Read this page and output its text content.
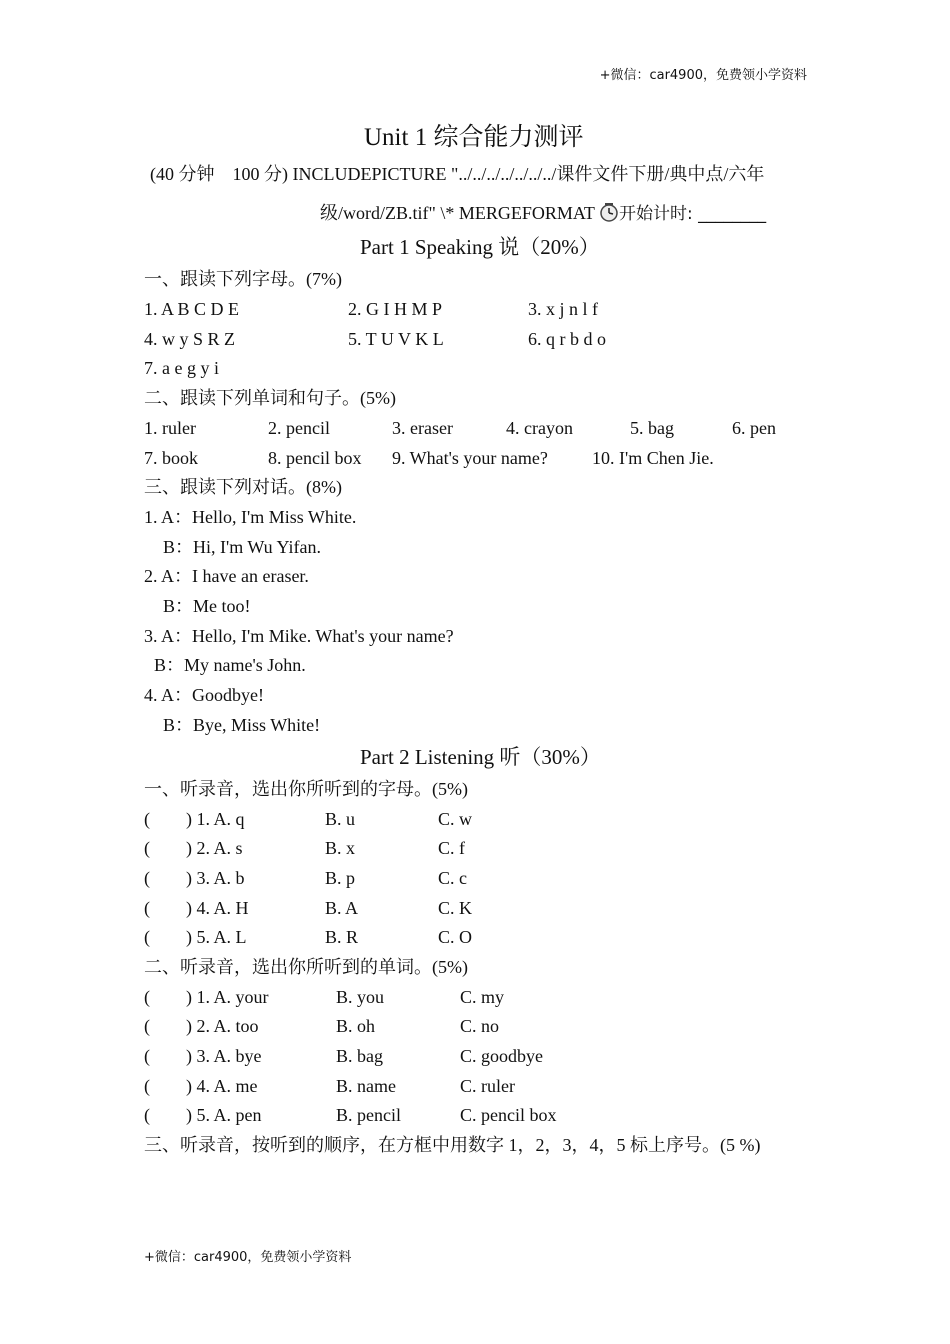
+微信：car4900，免费领小学资料
Unit 1 综合能力测评
(40 分钟　100 分) INCLUDEPICTURE "../../../../../../../课件文件下册/典中点/六年
级/word/ZB.tif" \* MERGEFORMAT 开始计时: ________
Part 1 Speaking 说（20%）
一、跟读下列字母。(7%)
1. A B C D E	2. G I H M P	3. x j n l f
4. w y S R Z	5. T U V K L	6. q r b d o
7. a e g y i
二、跟读下列单词和句子。(5%)
1. ruler	2. pencil	3. eraser	4. crayon	5. bag	6. pen
7. book	8. pencil box 9. What's your name? 10. I'm Chen Jie.
三、跟读下列对话。(8%)
1. A：Hello, I'm Miss White.
B：Hi, I'm Wu Yifan.
2. A：I have an eraser.
B：Me too!
3. A：Hello, I'm Mike. What's your name?
B：My name's John.
4. A：Goodbye!
B：Bye, Miss White!
Part 2 Listening 听（30%）
一、听录音，选出你所听到的字母。(5%)
(　　) 1. A. q	B. u	C. w
(　　) 2. A. s	B. x	C. f
(　　) 3. A. b	B. p	C. c
(　　) 4. A. H	B. A	C. K
(　　) 5. A. L	B. R	C. O
二、听录音，选出你所听到的单词。(5%)
(　　) 1. A. your	B. you	C. my
(　　) 2. A. too	B. oh	C. no
(　　) 3. A. bye	B. bag	C. goodbye
(　　) 4. A. me	B. name	C. ruler
(　　) 5. A. pen	B. pencil	C. pencil box
三、听录音，按听到的顺序，在方框中用数字 1，2，3，4，5 标上序号。(5 %)
+微信：car4900，免费领小学资料
